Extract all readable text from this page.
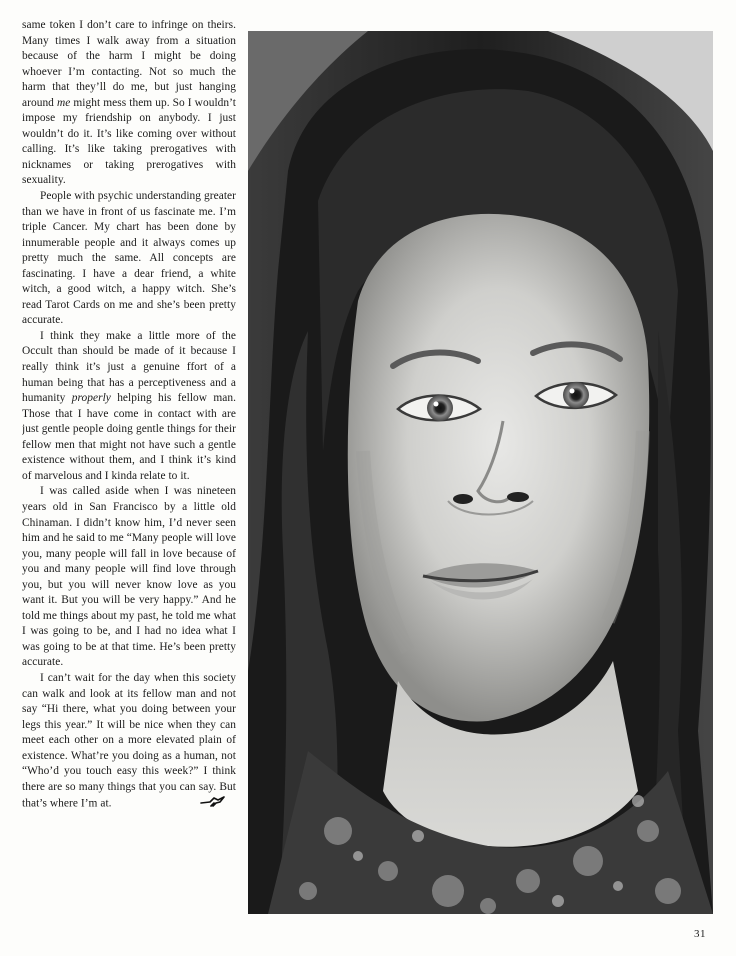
same token I don’t care to infringe on theirs. Many times I walk away from a situation because of the harm I might be doing whoever I’m contacting. Not so much the harm that they’ll do me, but just hanging around me might mess them up. So I wouldn’t impose my friendship on anybody. I just wouldn’t do it. It’s like coming over without calling. It’s like taking prerogatives with nicknames or taking prerogatives with sexuality.

People with psychic understanding greater than we have in front of us fascinate me. I’m triple Cancer. My chart has been done by innumerable people and it always comes up pretty much the same. All concepts are fascinating. I have a dear friend, a white witch, a good witch, a happy witch. She’s read Tarot Cards on me and she’s been pretty accurate.

I think they make a little more of the Occult than should be made of it because I really think it’s just a genuine ffort of a human being that has a perceptiveness and a humanity properly helping his fellow man. Those that I have come in contact with are just gentle people doing gentle things for their fellow men that might not have such a gentle existence without them, and I think it’s kind of marvelous and I kinda relate to it.

I was called aside when I was nineteen years old in San Francisco by a little old Chinaman. I didn’t know him, I’d never seen him and he said to me “Many people will love you, many people will fall in love because of you and many people will find love through you, but you will never know love as you want it. But you will be very happy.” And he told me things about my past, he told me what I was going to be, and I had no idea what I was going to be at that time. He’s been pretty accurate.

I can’t wait for the day when this society can walk and look at its fellow man and not say “Hi there, what you doing between your legs this year.” It will be nice when they can meet each other on a more elevated plain of existence. What’re you doing as a human, not “Who’d you touch easy this week?” I think there are so many things that you can say. But that’s where I’m at.

31
